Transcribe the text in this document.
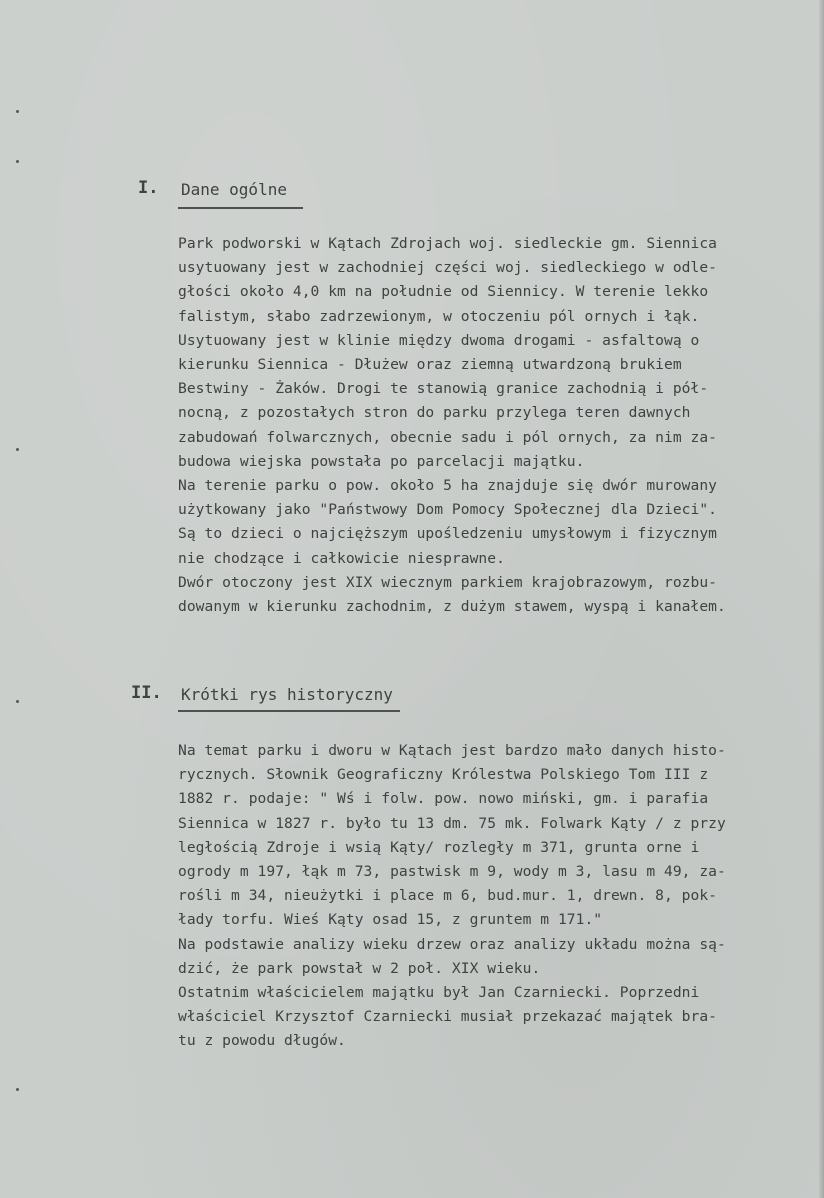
I. Dane ogólne
Park podworski w Kątach Zdrojach woj. siedleckie gm. Siennica
usytuowany jest w zachodniej części woj. siedleckiego w odle-
głości około 4,0 km na południe od Siennicy. W terenie lekko
falistym, słabo zadrzewionym, w otoczeniu pól ornych i łąk.
Usytuowany jest w klinie między dwoma drogami - asfaltową o
kierunku Siennica - Dłużew oraz ziemną utwardzoną brukiem
Bestwiny - Żaków. Drogi te stanowią granice zachodnią i pół-
nocną, z pozostałych stron do parku przylega teren dawnych
zabudowań folwarcznych, obecnie sadu i pól ornych, za nim za-
budowa wiejska powstała po parcelacji majątku.
Na terenie parku o pow. około 5 ha znajduje się dwór murowany
użytkowany jako "Państwowy Dom Pomocy Społecznej dla Dzieci".
Są to dzieci o najcięższym upośledzeniu umysłowym i fizycznym
nie chodzące i całkowicie niesprawne.
Dwór otoczony jest XIX wiecznym parkiem krajobrazowym, rozbu-
dowanym w kierunku zachodnim, z dużym stawem, wyspą i kanałem.
II. Krótki rys historyczny
Na temat parku i dworu w Kątach jest bardzo mało danych histo-
rycznych. Słownik Geograficzny Królestwa Polskiego Tom III z
1882 r. podaje: " Wś i folw. pow. nowo miński, gm. i parafia
Siennica w 1827 r. było tu 13 dm. 75 mk. Folwark Kąty / z przy
ległością Zdroje i wsią Kąty/ rozległy m 371, grunta orne i
ogrody m 197, łąk m 73, pastwisk m 9, wody m 3, lasu m 49, za-
rośli m 34, nieużytki i place m 6, bud.mur. 1, drewn. 8, pok-
łady torfu. Wieś Kąty osad 15, z gruntem m 171."
Na podstawie analizy wieku drzew oraz analizy układu można są-
dzić, że park powstał w 2 poł. XIX wieku.
Ostatnim właścicielem majątku był Jan Czarniecki. Poprzedni
właściciel Krzysztof Czarniecki musiał przekazać majątek bra-
tu z powodu długów.
